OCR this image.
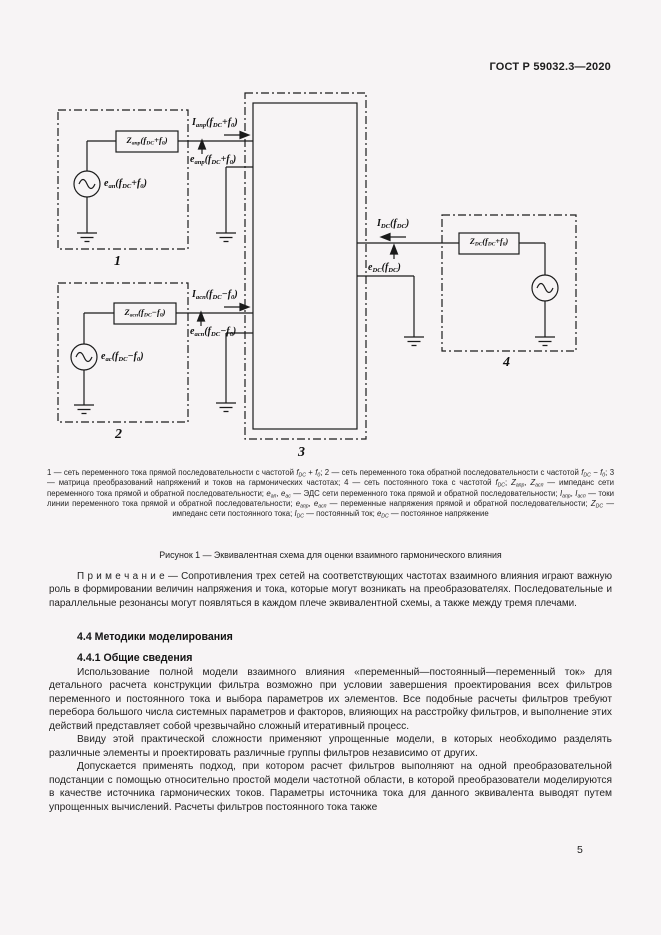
ГОСТ Р 59032.3—2020
$I_{апр}(f_{DC}+f_0)$
$e_{апр}(f_{DC}+f_0)$
$Z_{апр}(f_{DC}+f_0)$
$e_{ап}(f_{DC}+f_0)$
1
$I_{асп}(f_{DC}-f_0)$
$e_{асп}(f_{DC}-f_0)$
$Z_{асп}(f_{DC}-f_0)$
$e_{ас}(f_{DC}-f_0)$
2
3
$I_{DC}(f_{DC})$
$e_{DC}(f_{DC})$
$Z_{DC}(f_{DC}+f_0)$
4
1 — сеть переменного тока прямой последовательности с частотой $f_{DC} + f_0$; 2 — сеть переменного тока обратной последовательности с частотой $f_{DC} - f_0$; 3 — матрица преобразований напряжений и токов на гармонических частотах; 4 — сеть постоянного тока с частотой $f_{DC}$; $Z_{апр}$, $Z_{асп}$ — импеданс сети переменного тока прямой и обратной последовательности; $e_{ап}$, $e_{ас}$ — ЭДС сети переменного тока прямой и обратной последовательности; $I_{апр}$, $I_{асп}$ — токи линии переменного тока прямой и обратной последовательности; $e_{апр}$, $e_{асп}$ — переменные напряжения прямой и обратной последовательности; $Z_{DC}$ — импеданс сети постоянного тока; $I_{DC}$ — постоянный ток; $e_{DC}$ — постоянное напряжение
Рисунок 1 — Эквивалентная схема для оценки взаимного гармонического влияния
П р и м е ч а н и е — Сопротивления трех сетей на соответствующих частотах взаимного влияния играют важную роль в формировании величин напряжения и тока, которые могут возникать на преобразователях. Последовательные и параллельные резонансы могут появляться в каждом плече эквивалентной схемы, а также между тремя плечами.
4.4 Методики моделирования
4.4.1 Общие сведения

Использование полной модели взаимного влияния «переменный—постоянный—переменный ток» для детального расчета конструкции фильтра возможно при условии завершения проектирования всех фильтров переменного и постоянного тока и выбора параметров их элементов. Все подобные расчеты фильтров требуют перебора большого числа системных параметров и факторов, влияющих на расстройку фильтров, и выполнение этих действий представляет собой чрезвычайно сложный итеративный процесс.

Ввиду этой практической сложности применяют упрощенные модели, в которых необходимо разделять различные элементы и проектировать различные группы фильтров независимо от других.

Допускается применять подход, при котором расчет фильтров выполняют на одной преобразовательной подстанции с помощью относительно простой модели частотной области, в которой преобразователи моделируются в качестве источника гармонических токов. Параметры источника тока для данного эквивалента выводят путем упрощенных вычислений. Расчеты фильтров постоянного тока также

5
